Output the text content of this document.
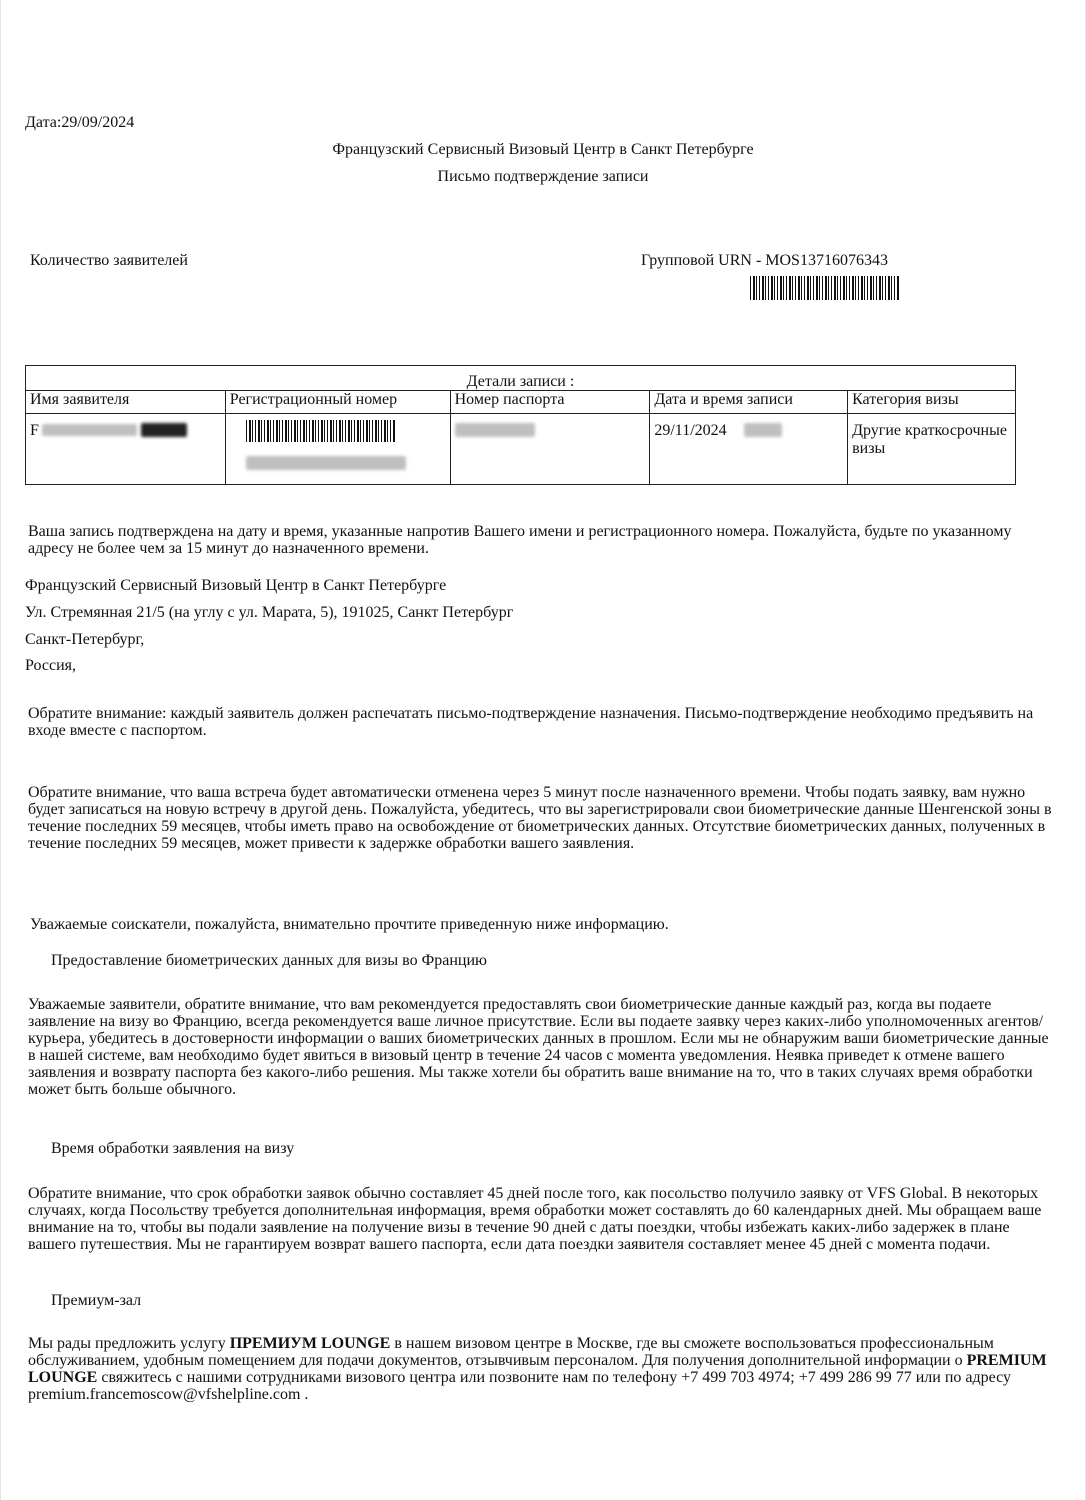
Дата:29/09/2024
Французский Сервисный Визовый Центр в Санкт Петербурге
Письмо подтверждение записи
Количество заявителей	Групповой URN - MOS13716076343
Детали записи :				
Имя заявителя	Регистрационный номер	Номер паспорта	Дата и время записи	Категория визы

F			29/11/2024	Другие краткосрочные визы
Ваша запись подтверждена на дату и время, указанные напротив Вашего имени и регистрационного номера. Пожалуйста, будьте по указанному адресу не более чем за 15 минут до назначенного времени.
Французский Сервисный Визовый Центр в Санкт Петербурге
Ул. Стремянная 21/5 (на углу с ул. Марата, 5), 191025, Санкт Петербург
Санкт-Петербург,
Россия,
Обратите внимание: каждый заявитель должен распечатать письмо-подтверждение назначения. Письмо-подтверждение необходимо предъявить на входе вместе с паспортом.
Обратите внимание, что ваша встреча будет автоматически отменена через 5 минут после назначенного времени. Чтобы подать заявку, вам нужно будет записаться на новую встречу в другой день. Пожалуйста, убедитесь, что вы зарегистрировали свои биометрические данные Шенгенской зоны в течение последних 59 месяцев, чтобы иметь право на освобождение от биометрических данных. Отсутствие биометрических данных, полученных в течение последних 59 месяцев, может привести к задержке обработки вашего заявления.
Уважаемые соискатели, пожалуйста, внимательно прочтите приведенную ниже информацию.
Предоставление биометрических данных для визы во Францию
Уважаемые заявители, обратите внимание, что вам рекомендуется предоставлять свои биометрические данные каждый раз, когда вы подаете заявление на визу во Францию, всегда рекомендуется ваше личное присутствие. Если вы подаете заявку через каких-либо уполномоченных агентов/курьера, убедитесь в достоверности информации о ваших биометрических данных в прошлом. Если мы не обнаружим ваши биометрические данные в нашей системе, вам необходимо будет явиться в визовый центр в течение 24 часов с момента уведомления. Неявка приведет к отмене вашего заявления и возврату паспорта без какого-либо решения. Мы также хотели бы обратить ваше внимание на то, что в таких случаях время обработки может быть больше обычного.
Время обработки заявления на визу
Обратите внимание, что срок обработки заявок обычно составляет 45 дней после того, как посольство получило заявку от VFS Global. В некоторых случаях, когда Посольству требуется дополнительная информация, время обработки может составлять до 60 календарных дней. Мы обращаем ваше внимание на то, чтобы вы подали заявление на получение визы в течение 90 дней с даты поездки, чтобы избежать каких-либо задержек в плане вашего путешествия. Мы не гарантируем возврат вашего паспорта, если дата поездки заявителя составляет менее 45 дней с момента подачи.
Премиум-зал
Мы рады предложить услугу ПРЕМИУМ LOUNGE в нашем визовом центре в Москве, где вы сможете воспользоваться профессиональным обслуживанием, удобным помещением для подачи документов, отзывчивым персоналом. Для получения дополнительной информации о PREMIUM LOUNGE свяжитесь с нашими сотрудниками визового центра или позвоните нам по телефону +7 499 703 4974; +7 499 286 99 77 или по адресу premium.francemoscow@vfshelpline.com .
